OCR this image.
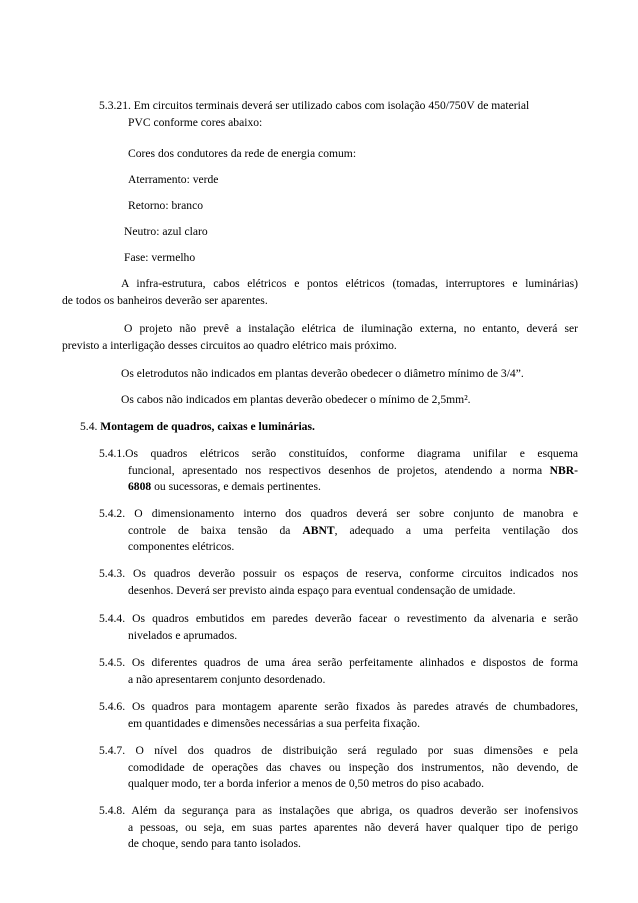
5.3.21. Em circuitos terminais deverá ser utilizado cabos com isolação 450/750V de material
PVC conforme cores abaixo:
Cores dos condutores da rede de energia comum:
Aterramento: verde
Retorno: branco
Neutro: azul claro
Fase: vermelho
A infra-estrutura, cabos elétricos e pontos elétricos (tomadas, interruptores e luminárias)
de todos os banheiros deverão ser aparentes.
O projeto não prevê a instalação elétrica de iluminação externa, no entanto, deverá ser
previsto a interligação desses circuitos ao quadro elétrico mais próximo.
Os eletrodutos não indicados em plantas deverão obedecer o diâmetro mínimo de 3/4”.
Os cabos não indicados em plantas deverão obedecer o mínimo de 2,5mm².
5.4. Montagem de quadros, caixas e luminárias.
5.4.1.Os quadros elétricos serão constituídos, conforme diagrama unifilar e esquema
funcional, apresentado nos respectivos desenhos de projetos, atendendo a norma NBR-
6808 ou sucessoras, e demais pertinentes.
5.4.2. O dimensionamento interno dos quadros deverá ser sobre conjunto de manobra e
controle de baixa tensão da ABNT, adequado a uma perfeita ventilação dos
componentes elétricos.
5.4.3. Os quadros deverão possuir os espaços de reserva, conforme circuitos indicados nos
desenhos. Deverá ser previsto ainda espaço para eventual condensação de umidade.
5.4.4. Os quadros embutidos em paredes deverão facear o revestimento da alvenaria e serão
nivelados e aprumados.
5.4.5. Os diferentes quadros de uma área serão perfeitamente alinhados e dispostos de forma
a não apresentarem conjunto desordenado.
5.4.6. Os quadros para montagem aparente serão fixados às paredes através de chumbadores,
em quantidades e dimensões necessárias a sua perfeita fixação.
5.4.7. O nível dos quadros de distribuição será regulado por suas dimensões e pela
comodidade de operações das chaves ou inspeção dos instrumentos, não devendo, de
qualquer modo, ter a borda inferior a menos de 0,50 metros do piso acabado.
5.4.8. Além da segurança para as instalações que abriga, os quadros deverão ser inofensivos
a pessoas, ou seja, em suas partes aparentes não deverá haver qualquer tipo de perigo
de choque, sendo para tanto isolados.
